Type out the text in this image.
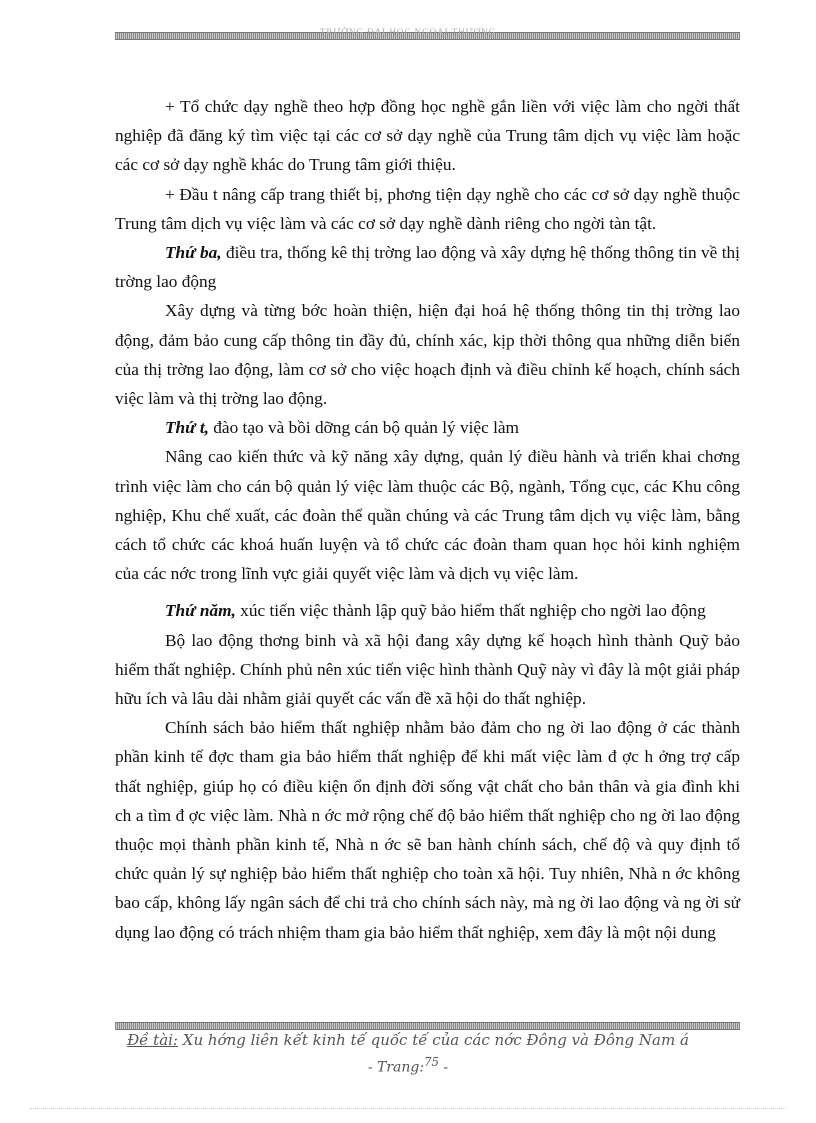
TRƯỜNG ĐẠI HỌC NGOẠI THƯƠNG

+ Tổ chức dạy nghề theo hợp đồng học nghề gắn liền với việc làm cho ngời thất nghiệp đã đăng ký tìm việc tại các cơ sở dạy nghề của Trung tâm dịch vụ việc làm hoặc các cơ sở dạy nghề khác do Trung tâm giới thiệu.

+ Đầu t nâng cấp trang thiết bị, phơng tiện dạy nghề cho các cơ sở dạy nghề thuộc Trung tâm dịch vụ việc làm và các cơ sở dạy nghề dành riêng cho ngời tàn tật.

Thứ ba, điều tra, thống kê thị trờng lao động và xây dựng hệ thống thông tin về thị trờng lao động

Xây dựng và từng bớc hoàn thiện, hiện đại hoá hệ thống thông tin thị trờng lao động, đảm bảo cung cấp thông tin đầy đủ, chính xác, kịp thời thông qua những diễn biến của thị trờng lao động, làm cơ sở cho việc hoạch định và điều chỉnh kế hoạch, chính sách việc làm và thị trờng lao động.

Thứ t, đào tạo và bồi dỡng cán bộ quản lý việc làm

Nâng cao kiến thức và kỹ năng xây dựng, quản lý điều hành và triển khai chơng trình việc làm cho cán bộ quản lý việc làm thuộc các Bộ, ngành, Tổng cục, các Khu công nghiệp, Khu chế xuất, các đoàn thể quần chúng và các Trung tâm dịch vụ việc làm, bằng cách tổ chức các khoá huấn luyện và tổ chức các đoàn tham quan học hỏi kinh nghiệm của các nớc trong lĩnh vực giải quyết việc làm và dịch vụ việc làm.

Thứ năm, xúc tiến việc thành lập quỹ bảo hiểm thất nghiệp cho ngời lao động

Bộ lao động thơng binh và xã hội đang xây dựng kế hoạch hình thành Quỹ bảo hiểm thất nghiệp. Chính phủ nên xúc tiến việc hình thành Quỹ này vì đây là một giải pháp hữu ích và lâu dài nhằm giải quyết các vấn đề xã hội do thất nghiệp.

Chính sách bảo hiểm thất nghiệp nhằm bảo đảm cho ng ời lao động ở các thành phần kinh tế đợc tham gia bảo hiểm thất nghiệp để khi mất việc làm đ ợc h ởng trợ cấp thất nghiệp, giúp họ có điều kiện ổn định đời sống vật chất cho bản thân và gia đình khi ch a tìm đ ợc việc làm. Nhà n ớc mở rộng chế độ bảo hiểm thất nghiệp cho ng ời lao động thuộc mọi thành phần kinh tế, Nhà n ớc sẽ ban hành chính sách, chế độ và quy định tổ chức quản lý sự nghiệp bảo hiểm thất nghiệp cho toàn xã hội. Tuy nhiên, Nhà n ớc không bao cấp, không lấy ngân sách để chi trả cho chính sách này, mà ng ời lao động và ng ời sử dụng lao động có trách nhiệm tham gia bảo hiểm thất nghiệp, xem đây là một nội dung

Đề tài: Xu hớng liên kết kinh tế quốc tế của các nớc Đông và Đông Nam á
- Trang:$^{75}$ -
